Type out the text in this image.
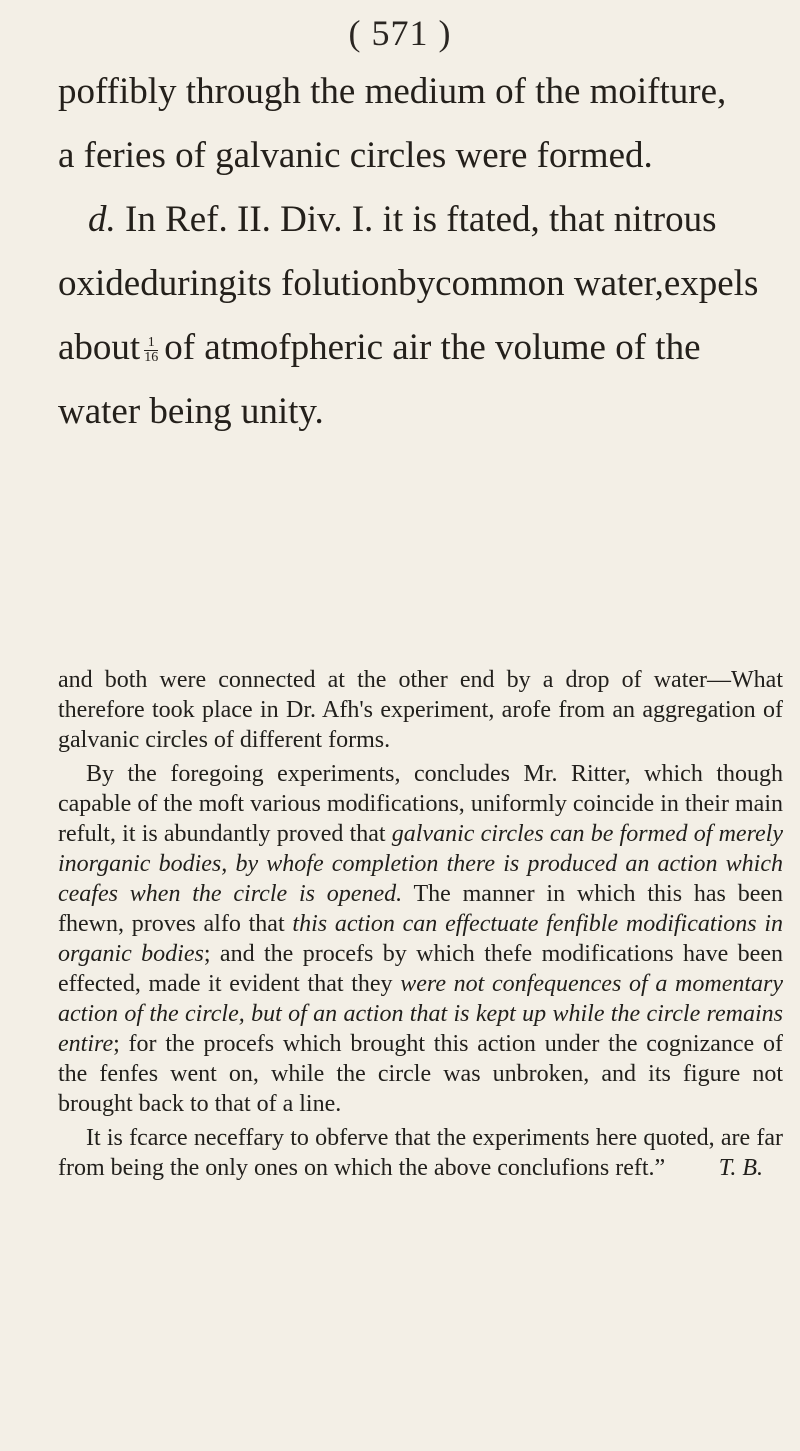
( 571 )
poffibly through the medium of the moifture,
a feries of galvanic circles were formed.
d. In Ref. II. Div. I. it is ftated, that nitrous
oxideduringits folutionbycommon water,expels
about $\frac{1}{16}$ of atmofpheric air the volume of the
water being unity.

and both were connected at the other end by a drop of water—What therefore took place in Dr. Afh's experiment, arofe from an aggregation of galvanic circles of different forms.

By the foregoing experiments, concludes Mr. Ritter, which though capable of the moft various modifications, uniformly coincide in their main refult, it is abundantly proved that galvanic circles can be formed of merely inorganic bodies, by whofe completion there is produced an action which ceafes when the circle is opened. The manner in which this has been fhewn, proves alfo that this action can effectuate fenfible modifications in organic bodies; and the procefs by which thefe modifications have been effected, made it evident that they were not confequences of a momentary action of the circle, but of an action that is kept up while the circle remains entire; for the procefs which brought this action under the cognizance of the fenfes went on, while the circle was unbroken, and its figure not brought back to that of a line.

It is fcarce neceffary to obferve that the experiments here quoted, are far from being the only ones on which the above conclufions reft.”	T. B.
